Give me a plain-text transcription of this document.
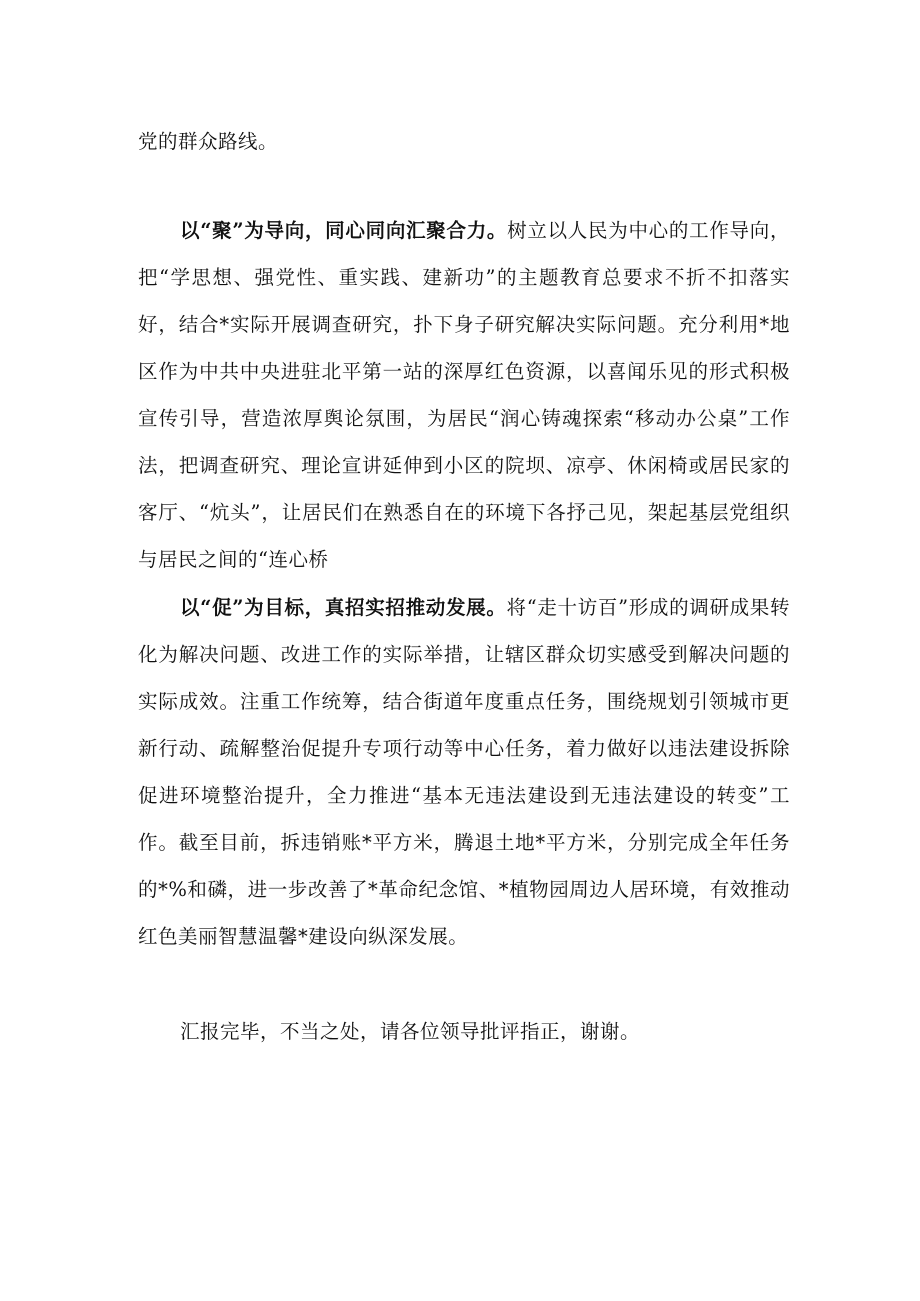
党的群众路线。

以“聚”为导向，同心同向汇聚合力。树立以人民为中心的工作导向，把“学思想、强党性、重实践、建新功”的主题教育总要求不折不扣落实好，结合*实际开展调查研究，扑下身子研究解决实际问题。充分利用*地区作为中共中央进驻北平第一站的深厚红色资源，以喜闻乐见的形式积极宣传引导，营造浓厚舆论氛围，为居民“润心铸魂探索“移动办公桌”工作法，把调查研究、理论宣讲延伸到小区的院坝、凉亭、休闲椅或居民家的客厅、“炕头”，让居民们在熟悉自在的环境下各抒己见，架起基层党组织与居民之间的“连心桥

以“促”为目标，真招实招推动发展。将“走十访百”形成的调研成果转化为解决问题、改进工作的实际举措，让辖区群众切实感受到解决问题的实际成效。注重工作统筹，结合街道年度重点任务，围绕规划引领城市更新行动、疏解整治促提升专项行动等中心任务，着力做好以违法建设拆除促进环境整治提升，全力推进“基本无违法建设到无违法建设的转变”工作。截至目前，拆违销账*平方米，腾退土地*平方米，分别完成全年任务的*%和磷，进一步改善了*革命纪念馆、*植物园周边人居环境，有效推动红色美丽智慧温馨*建设向纵深发展。

汇报完毕，不当之处，请各位领导批评指正，谢谢。
